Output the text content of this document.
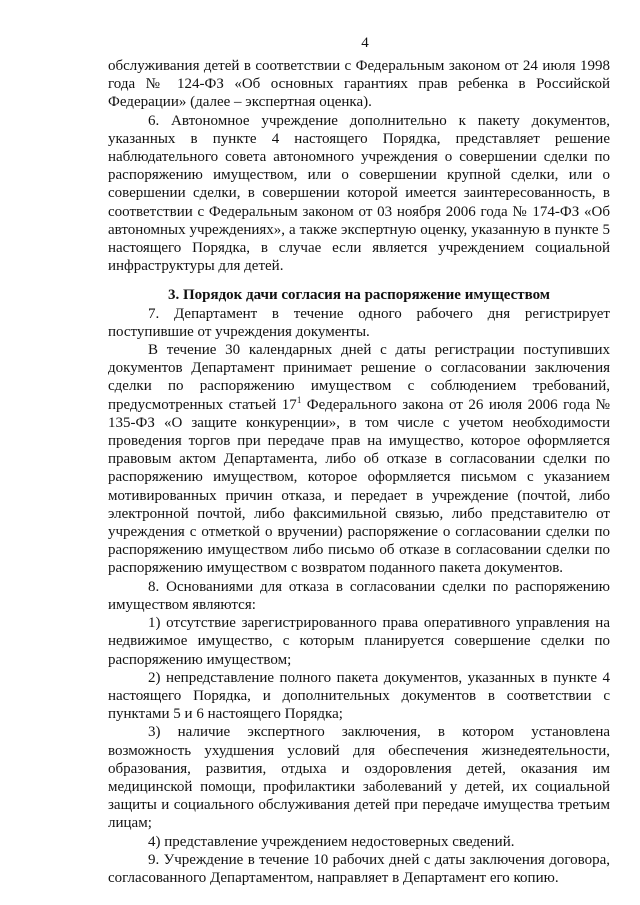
4

обслуживания детей в соответствии с Федеральным законом от 24 июля 1998 года № 124-ФЗ «Об основных гарантиях прав ребенка в Российской Федерации» (далее – экспертная оценка).

6. Автономное учреждение дополнительно к пакету документов, указанных в пункте 4 настоящего Порядка, представляет решение наблюдательного совета автономного учреждения о совершении сделки по распоряжению имуществом, или о совершении крупной сделки, или о совершении сделки, в совершении которой имеется заинтересованность, в соответствии с Федеральным законом от 03 ноября 2006 года № 174-ФЗ «Об автономных учреждениях», а также экспертную оценку, указанную в пункте 5 настоящего Порядка, в случае если является учреждением социальной инфраструктуры для детей.

3. Порядок дачи согласия на распоряжение имуществом

7. Департамент в течение одного рабочего дня регистрирует поступившие от учреждения документы.

В течение 30 календарных дней с даты регистрации поступивших документов Департамент принимает решение о согласовании заключения сделки по распоряжению имуществом с соблюдением требований, предусмотренных статьей $17^1$ Федерального закона от 26 июля 2006 года № 135-ФЗ «О защите конкуренции», в том числе с учетом необходимости проведения торгов при передаче прав на имущество, которое оформляется правовым актом Департамента, либо об отказе в согласовании сделки по распоряжению имуществом, которое оформляется письмом с указанием мотивированных причин отказа, и передает в учреждение (почтой, либо электронной почтой, либо факсимильной связью, либо представителю от учреждения с отметкой о вручении) распоряжение о согласовании сделки по распоряжению имуществом либо письмо об отказе в согласовании сделки по распоряжению имуществом с возвратом поданного пакета документов.

8. Основаниями для отказа в согласовании сделки по распоряжению имуществом являются:

1) отсутствие зарегистрированного права оперативного управления на недвижимое имущество, с которым планируется совершение сделки по распоряжению имуществом;

2) непредставление полного пакета документов, указанных в пункте 4 настоящего Порядка, и дополнительных документов в соответствии с пунктами 5 и 6 настоящего Порядка;

3) наличие экспертного заключения, в котором установлена возможность ухудшения условий для обеспечения жизнедеятельности, образования, развития, отдыха и оздоровления детей, оказания им медицинской помощи, профилактики заболеваний у детей, их социальной защиты и социального обслуживания детей при передаче имущества третьим лицам;

4) представление учреждением недостоверных сведений.

9. Учреждение в течение 10 рабочих дней с даты заключения договора, согласованного Департаментом, направляет в Департамент его копию.
